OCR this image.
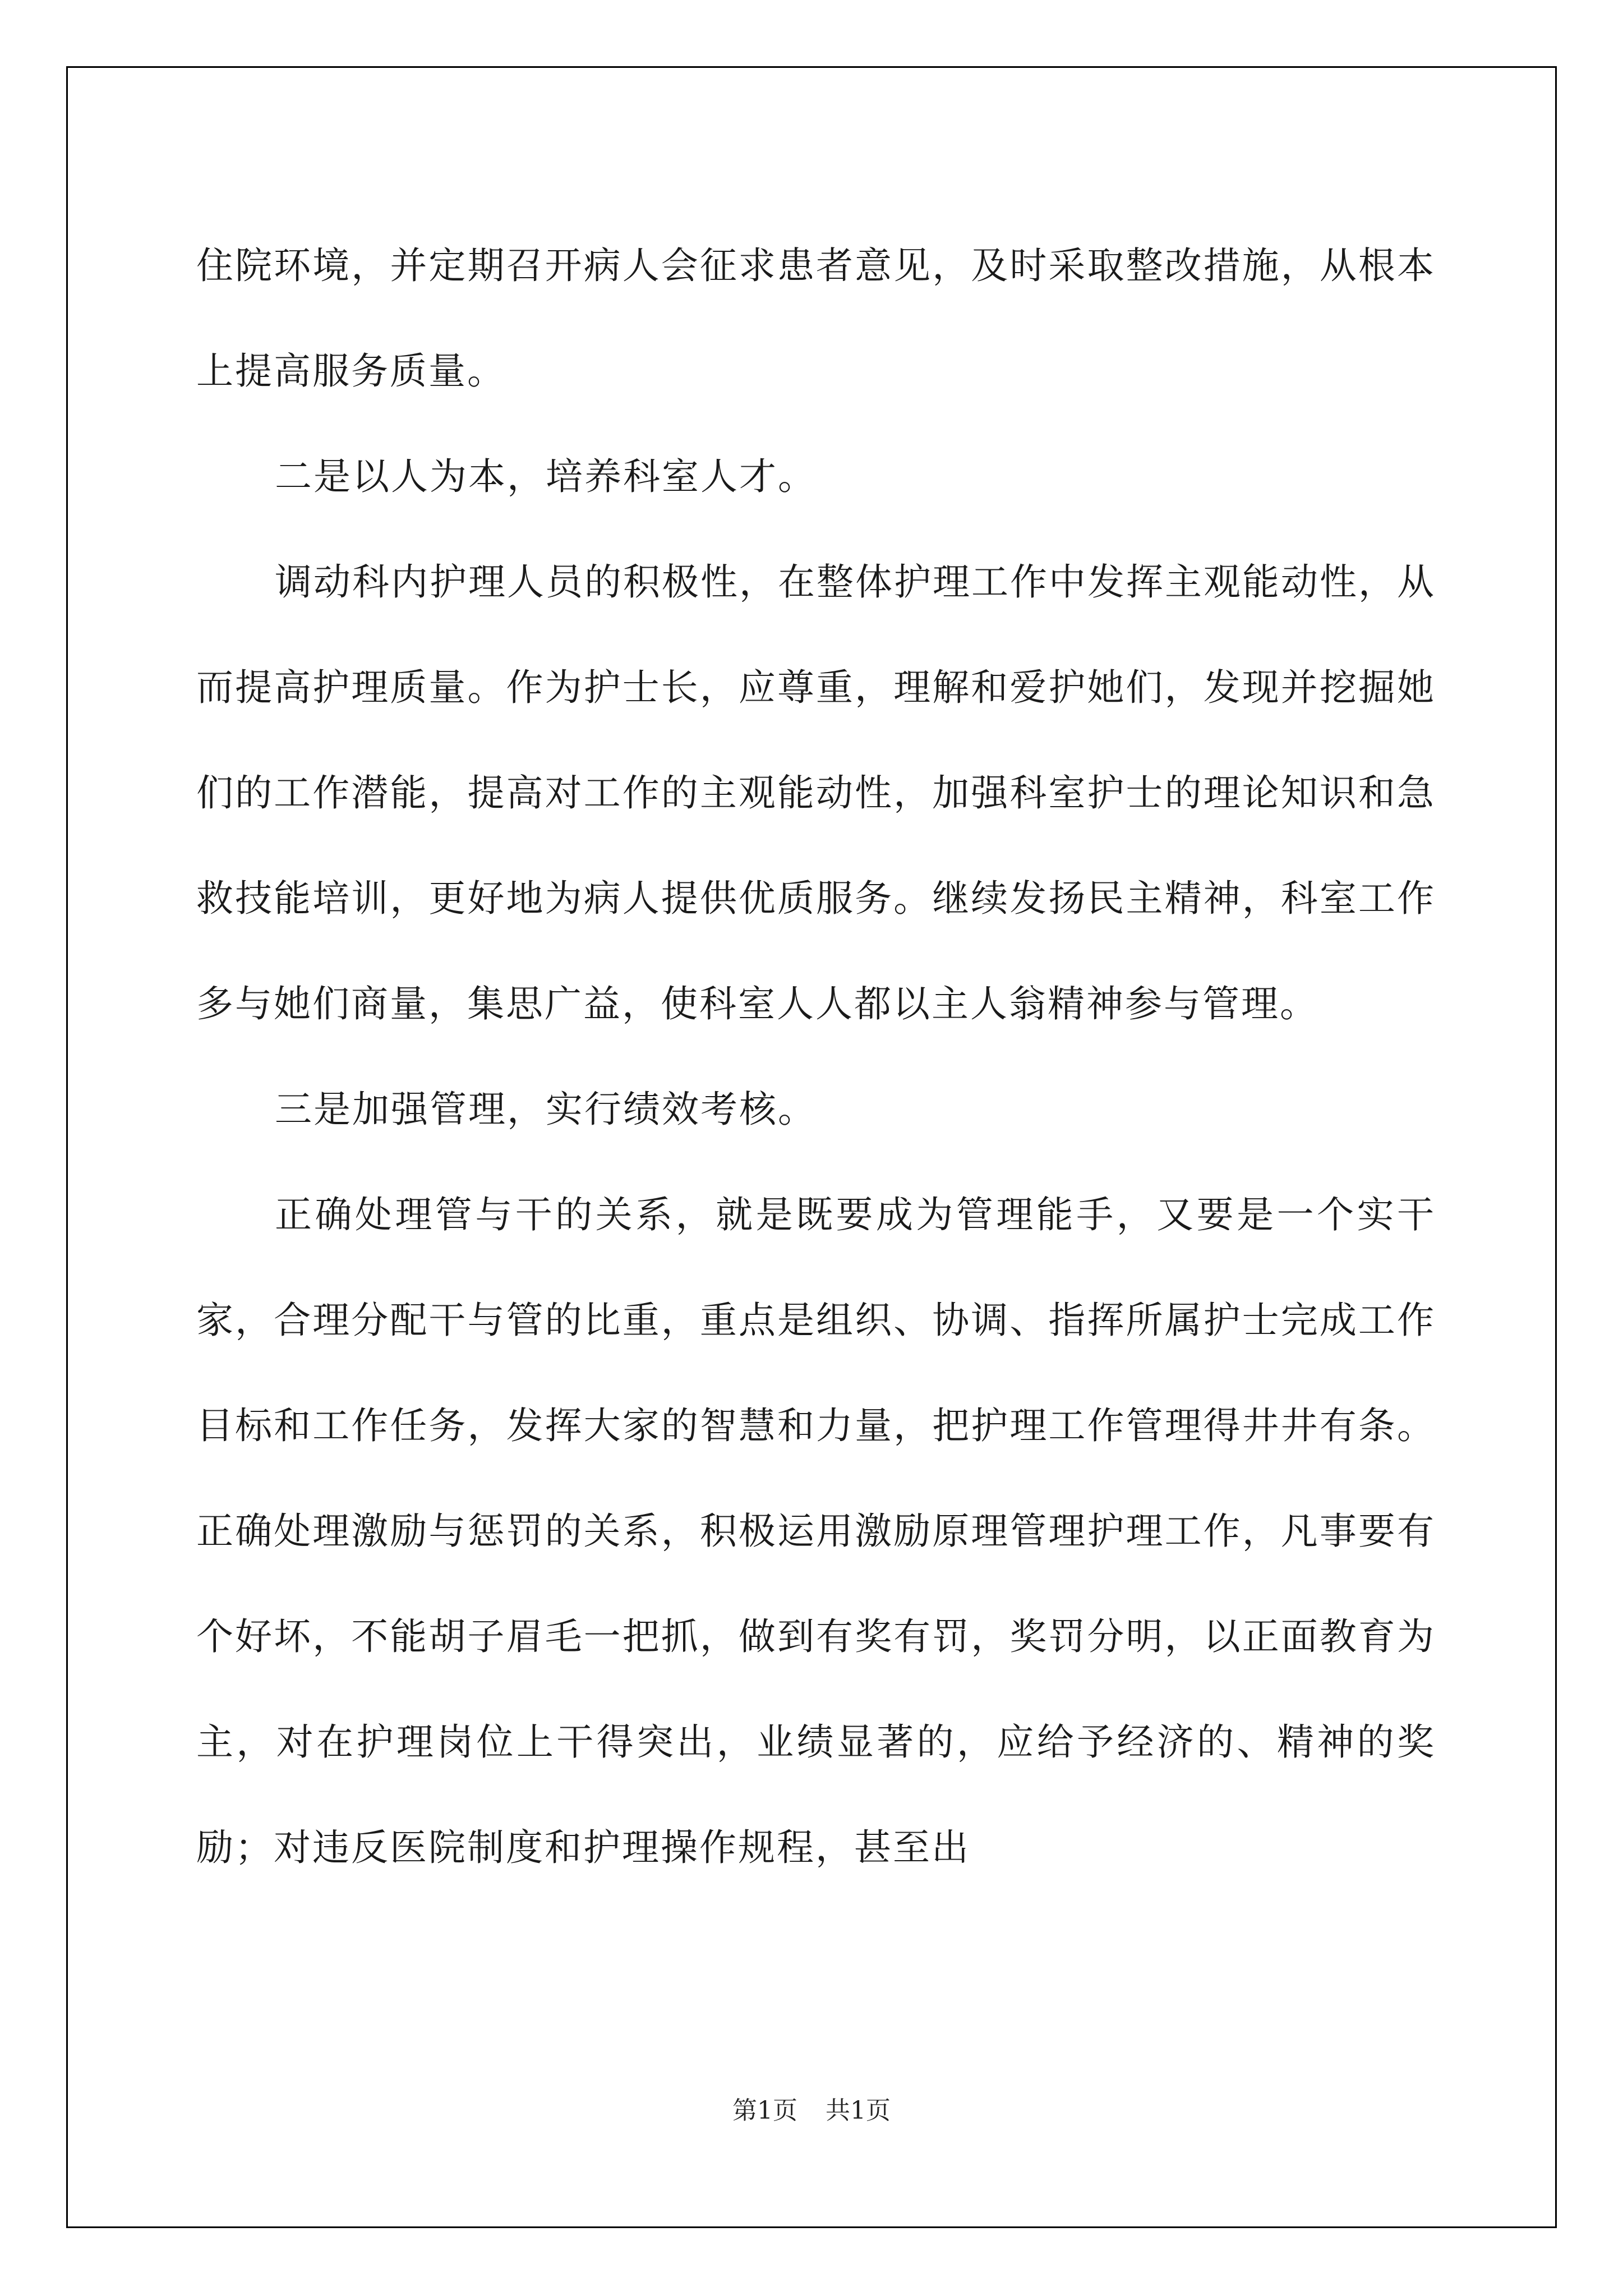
住院环境，并定期召开病人会征求患者意见，及时采取整改措施，从根本上提高服务质量。

二是以人为本，培养科室人才。

调动科内护理人员的积极性，在整体护理工作中发挥主观能动性，从而提高护理质量。作为护士长，应尊重，理解和爱护她们，发现并挖掘她们的工作潜能，提高对工作的主观能动性，加强科室护士的理论知识和急救技能培训，更好地为病人提供优质服务。继续发扬民主精神，科室工作多与她们商量，集思广益，使科室人人都以主人翁精神参与管理。

三是加强管理，实行绩效考核。

正确处理管与干的关系，就是既要成为管理能手，又要是一个实干家，合理分配干与管的比重，重点是组织、协调、指挥所属护士完成工作目标和工作任务，发挥大家的智慧和力量，把护理工作管理得井井有条。正确处理激励与惩罚的关系，积极运用激励原理管理护理工作，凡事要有个好坏，不能胡子眉毛一把抓，做到有奖有罚，奖罚分明，以正面教育为主，对在护理岗位上干得突出，业绩显著的，应给予经济的、精神的奖励；对违反医院制度和护理操作规程，甚至出

第1页 共1页
